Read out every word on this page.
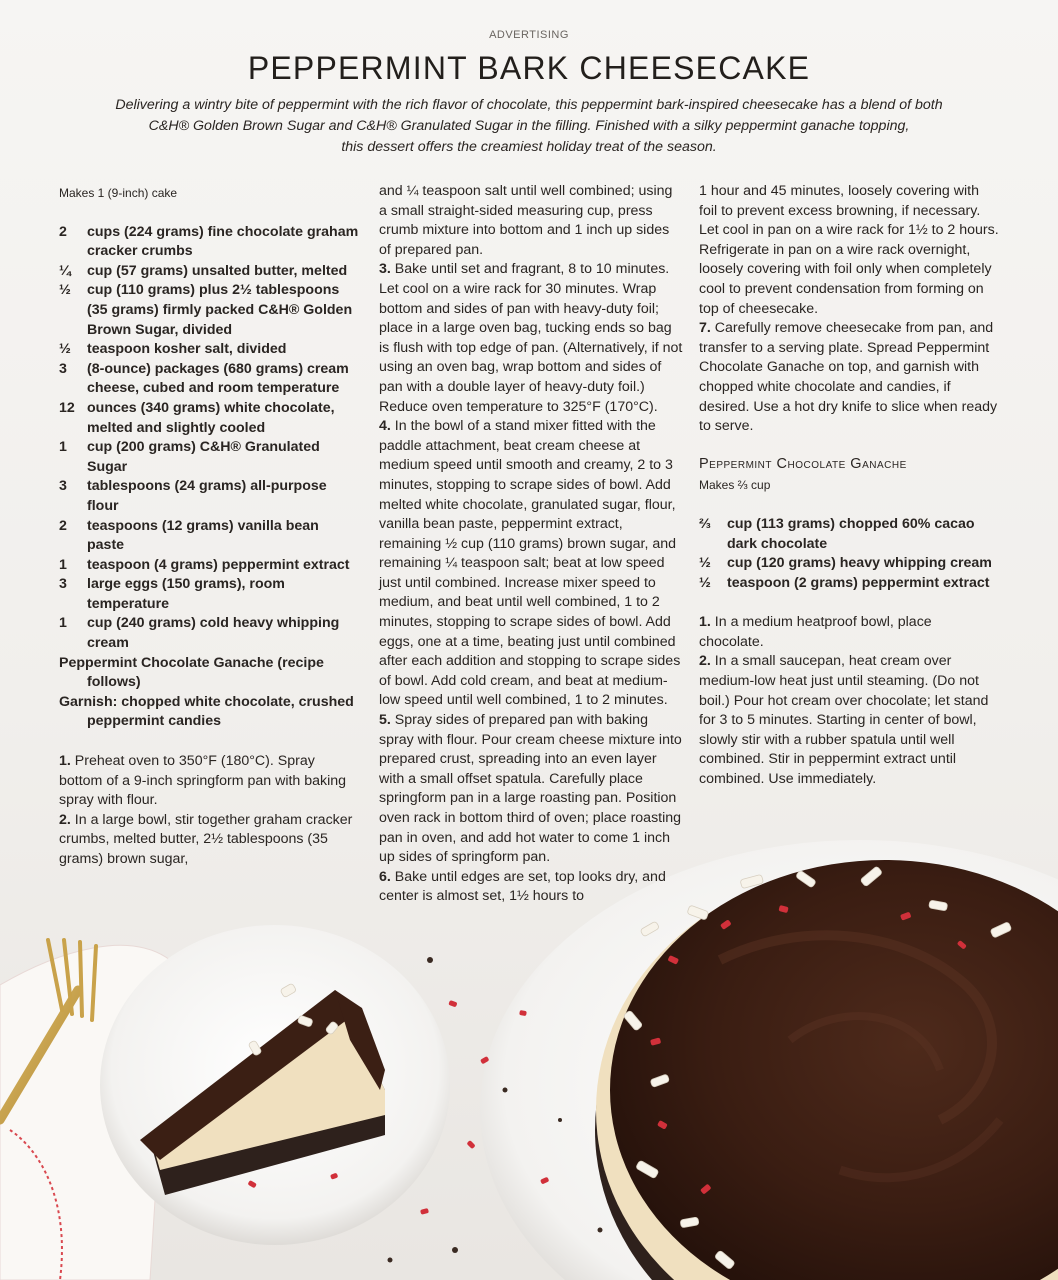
ADVERTISING
PEPPERMINT BARK CHEESECAKE

Delivering a wintry bite of peppermint with the rich flavor of chocolate, this peppermint bark-inspired cheesecake has a blend of both
C&H® Golden Brown Sugar and C&H® Granulated Sugar in the filling. Finished with a silky peppermint ganache topping,
this dessert offers the creamiest holiday treat of the season.

Makes 1 (9-inch) cake
2 cups (224 grams) fine chocolate graham cracker crumbs
¼ cup (57 grams) unsalted butter, melted
½ cup (110 grams) plus 2½ tablespoons (35 grams) firmly packed C&H® Golden Brown Sugar, divided
½ teaspoon kosher salt, divided
3 (8-ounce) packages (680 grams) cream cheese, cubed and room temperature
12 ounces (340 grams) white chocolate, melted and slightly cooled
1 cup (200 grams) C&H® Granulated Sugar
3 tablespoons (24 grams) all-purpose flour
2 teaspoons (12 grams) vanilla bean paste
1 teaspoon (4 grams) peppermint extract
3 large eggs (150 grams), room temperature
1 cup (240 grams) cold heavy whipping cream
Peppermint Chocolate Ganache (recipe follows)
Garnish: chopped white chocolate, crushed peppermint candies

1. Preheat oven to 350°F (180°C). Spray bottom of a 9-inch springform pan with baking spray with flour.

2. In a large bowl, stir together graham cracker crumbs, melted butter, 2½ tablespoons (35 grams) brown sugar,

and ¼ teaspoon salt until well combined; using a small straight-sided measuring cup, press crumb mixture into bottom and 1 inch up sides of prepared pan.

3. Bake until set and fragrant, 8 to 10 minutes. Let cool on a wire rack for 30 minutes. Wrap bottom and sides of pan with heavy-duty foil; place in a large oven bag, tucking ends so bag is flush with top edge of pan. (Alternatively, if not using an oven bag, wrap bottom and sides of pan with a double layer of heavy-duty foil.) Reduce oven temperature to 325°F (170°C).

4. In the bowl of a stand mixer fitted with the paddle attachment, beat cream cheese at medium speed until smooth and creamy, 2 to 3 minutes, stopping to scrape sides of bowl. Add melted white chocolate, granulated sugar, flour, vanilla bean paste, peppermint extract, remaining ½ cup (110 grams) brown sugar, and remaining ¼ teaspoon salt; beat at low speed just until combined. Increase mixer speed to medium, and beat until well combined, 1 to 2 minutes, stopping to scrape sides of bowl. Add eggs, one at a time, beating just until combined after each addition and stopping to scrape sides of bowl. Add cold cream, and beat at medium-low speed until well combined, 1 to 2 minutes.

5. Spray sides of prepared pan with baking spray with flour. Pour cream cheese mixture into prepared crust, spreading into an even layer with a small offset spatula. Carefully place springform pan in a large roasting pan. Position oven rack in bottom third of oven; place roasting pan in oven, and add hot water to come 1 inch up sides of springform pan.

6. Bake until edges are set, top looks dry, and center is almost set, 1½ hours to

1 hour and 45 minutes, loosely covering with foil to prevent excess browning, if necessary. Let cool in pan on a wire rack for 1½ to 2 hours. Refrigerate in pan on a wire rack overnight, loosely covering with foil only when completely cool to prevent condensation from forming on top of cheesecake.

7. Carefully remove cheesecake from pan, and transfer to a serving plate. Spread Peppermint Chocolate Ganache on top, and garnish with chopped white chocolate and candies, if desired. Use a hot dry knife to slice when ready to serve.

Peppermint Chocolate Ganache
Makes ⅔ cup
⅔ cup (113 grams) chopped 60% cacao dark chocolate
½ cup (120 grams) heavy whipping cream
½ teaspoon (2 grams) peppermint extract

1. In a medium heatproof bowl, place chocolate.

2. In a small saucepan, heat cream over medium-low heat just until steaming. (Do not boil.) Pour hot cream over chocolate; let stand for 3 to 5 minutes. Starting in center of bowl, slowly stir with a rubber spatula until well combined. Stir in peppermint extract until combined. Use immediately.
